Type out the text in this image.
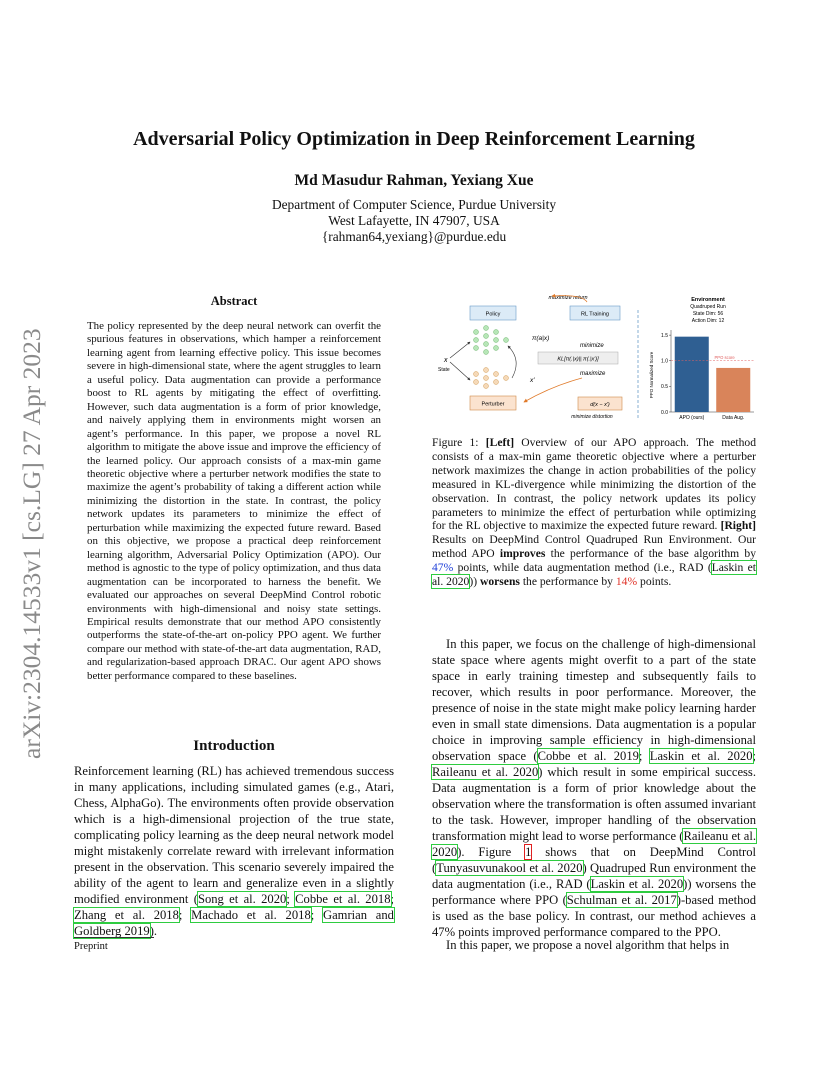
arXiv:2304.14533v1 [cs.LG] 27 Apr 2023
Adversarial Policy Optimization in Deep Reinforcement Learning
Md Masudur Rahman, Yexiang Xue
Department of Computer Science, Purdue University
West Lafayette, IN 47907, USA
{rahman64,yexiang}@purdue.edu
Abstract
The policy represented by the deep neural network can overfit the spurious features in observations, which hamper a reinforcement learning agent from learning effective policy. This issue becomes severe in high-dimensional state, where the agent struggles to learn a useful policy. Data augmentation can provide a performance boost to RL agents by mitigating the effect of overfitting. However, such data augmentation is a form of prior knowledge, and naively applying them in environments might worsen an agent’s performance. In this paper, we propose a novel RL algorithm to mitigate the above issue and improve the efficiency of the learned policy. Our approach consists of a max-min game theoretic objective where a perturber network modifies the state to maximize the agent’s probability of taking a different action while minimizing the distortion in the state. In contrast, the policy network updates its parameters to minimize the effect of perturbation while maximizing the expected future reward. Based on this objective, we propose a practical deep reinforcement learning algorithm, Adversarial Policy Optimization (APO). Our method is agnostic to the type of policy optimization, and thus data augmentation can be incorporated to harness the benefit. We evaluated our approaches on several DeepMind Control robotic environments with high-dimensional and noisy state settings. Empirical results demonstrate that our method APO consistently outperforms the state-of-the-art on-policy PPO agent. We further compare our method with state-of-the-art data augmentation, RAD, and regularization-based approach DRAC. Our agent APO shows better performance compared to these baselines.
Introduction
Reinforcement learning (RL) has achieved tremendous success in many applications, including simulated games (e.g., Atari, Chess, AlphaGo). The environments often provide observation which is a high-dimensional projection of the true state, complicating policy learning as the deep neural network model might mistakenly correlate reward with irrelevant information present in the observation. This scenario severely impaired the ability of the agent to learn and generalize even in a slightly modified environment (Song et al. 2020; Cobbe et al. 2018; Zhang et al. 2018; Machado et al. 2018; Gamrian and Goldberg 2019).
Preprint
maximize return
Policy	RL Training
π(a|x)
minimize
KL[π(.|x)|| π(.|x′)]
maximize
x
State
x′
Perturber	d(x − x′)
minimize distortion
Environment
Quadruped Run
State Dim: 56
Action Dim: 12
PPO Normalized Score
0.0
0.5
1.0
1.5
APO (ours)	Data Aug.
PPO score
Figure 1: [Left] Overview of our APO approach. The method consists of a max-min game theoretic objective where a perturber network maximizes the change in action probabilities of the policy measured in KL-divergence while minimizing the distortion of the observation. In contrast, the policy network updates its policy parameters to minimize the effect of perturbation while optimizing for the RL objective to maximize the expected future reward. [Right] Results on DeepMind Control Quadruped Run Environment. Our method APO improves the performance of the base algorithm by 47% points, while data augmentation method (i.e., RAD (Laskin et al. 2020)) worsens the performance by 14% points.
In this paper, we focus on the challenge of high-dimensional state space where agents might overfit to a part of the state space in early training timestep and subsequently fails to recover, which results in poor performance. Moreover, the presence of noise in the state might make policy learning harder even in small state dimensions. Data augmentation is a popular choice in improving sample efficiency in high-dimensional observation space (Cobbe et al. 2019; Laskin et al. 2020; Raileanu et al. 2020) which result in some empirical success. Data augmentation is a form of prior knowledge about the observation where the transformation is often assumed invariant to the task. However, improper handling of the observation transformation might lead to worse performance (Raileanu et al. 2020). Figure 1 shows that on DeepMind Control (Tunyasuvunakool et al. 2020) Quadruped Run environment the data augmentation (i.e., RAD (Laskin et al. 2020)) worsens the performance where PPO (Schulman et al. 2017)-based method is used as the base policy. In contrast, our method achieves a 47% points improved performance compared to the PPO.
In this paper, we propose a novel algorithm that helps in
